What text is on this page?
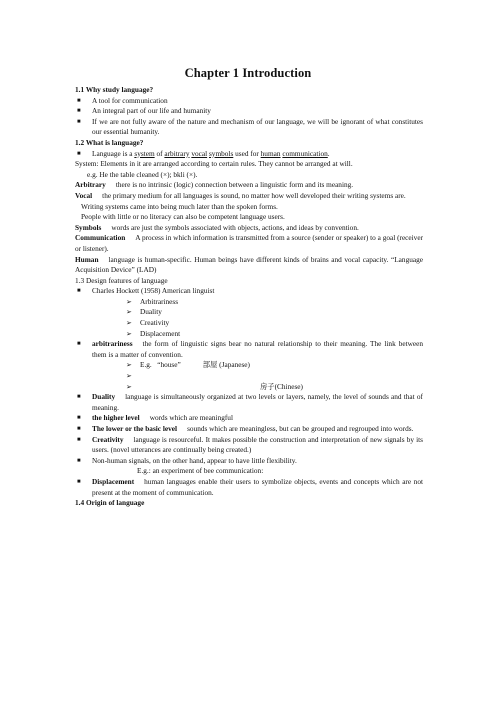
Chapter 1 Introduction

1.1 Why study language?

■ A tool for communication

■ An integral part of our life and humanity

■ If we are not fully aware of the nature and mechanism of our language, we will be ignorant of what constitutes our essential humanity.

1.2 What is language?

■ Language is a system of arbitrary vocal symbols used for human communication.

System: Elements in it are arranged according to certain rules. They cannot be arranged at will.

e.g. He the table cleaned (×); bkli (×).

Arbitrary there is no intrinsic (logic) connection between a linguistic form and its meaning.

Vocal the primary medium for all languages is sound, no matter how well developed their writing systems are.

Writing systems came into being much later than the spoken forms.

People with little or no literacy can also be competent language users.

Symbols words are just the symbols associated with objects, actions, and ideas by convention.

Communication A process in which information is transmitted from a source (sender or speaker) to a goal (receiver or listener).

Human language is human-specific. Human beings have different kinds of brains and vocal capacity. “Language Acquisition Device” (LAD)

1.3 Design features of language

■ Charles Hockett (1958) American linguist

➢ Arbitrariness

➢ Duality

➢ Creativity

➢ Displacement

■ arbitrariness the form of linguistic signs bear no natural relationship to their meaning. The link between them is a matter of convention.

➢ E.g. “house”	部屋 (Japanese)

➢

➢	房子(Chinese)

■ Duality language is simultaneously organized at two levels or layers, namely, the level of sounds and that of meaning.

■ the higher level words which are meaningful

■ The lower or the basic level sounds which are meaningless, but can be grouped and regrouped into words.

■ Creativity language is resourceful. It makes possible the construction and interpretation of new signals by its users. (novel utterances are continually being created.)

■ Non-human signals, on the other hand, appear to have little flexibility.

E.g.: an experiment of bee communication:

■ Displacement human languages enable their users to symbolize objects, events and concepts which are not present at the moment of communication.

1.4 Origin of language
